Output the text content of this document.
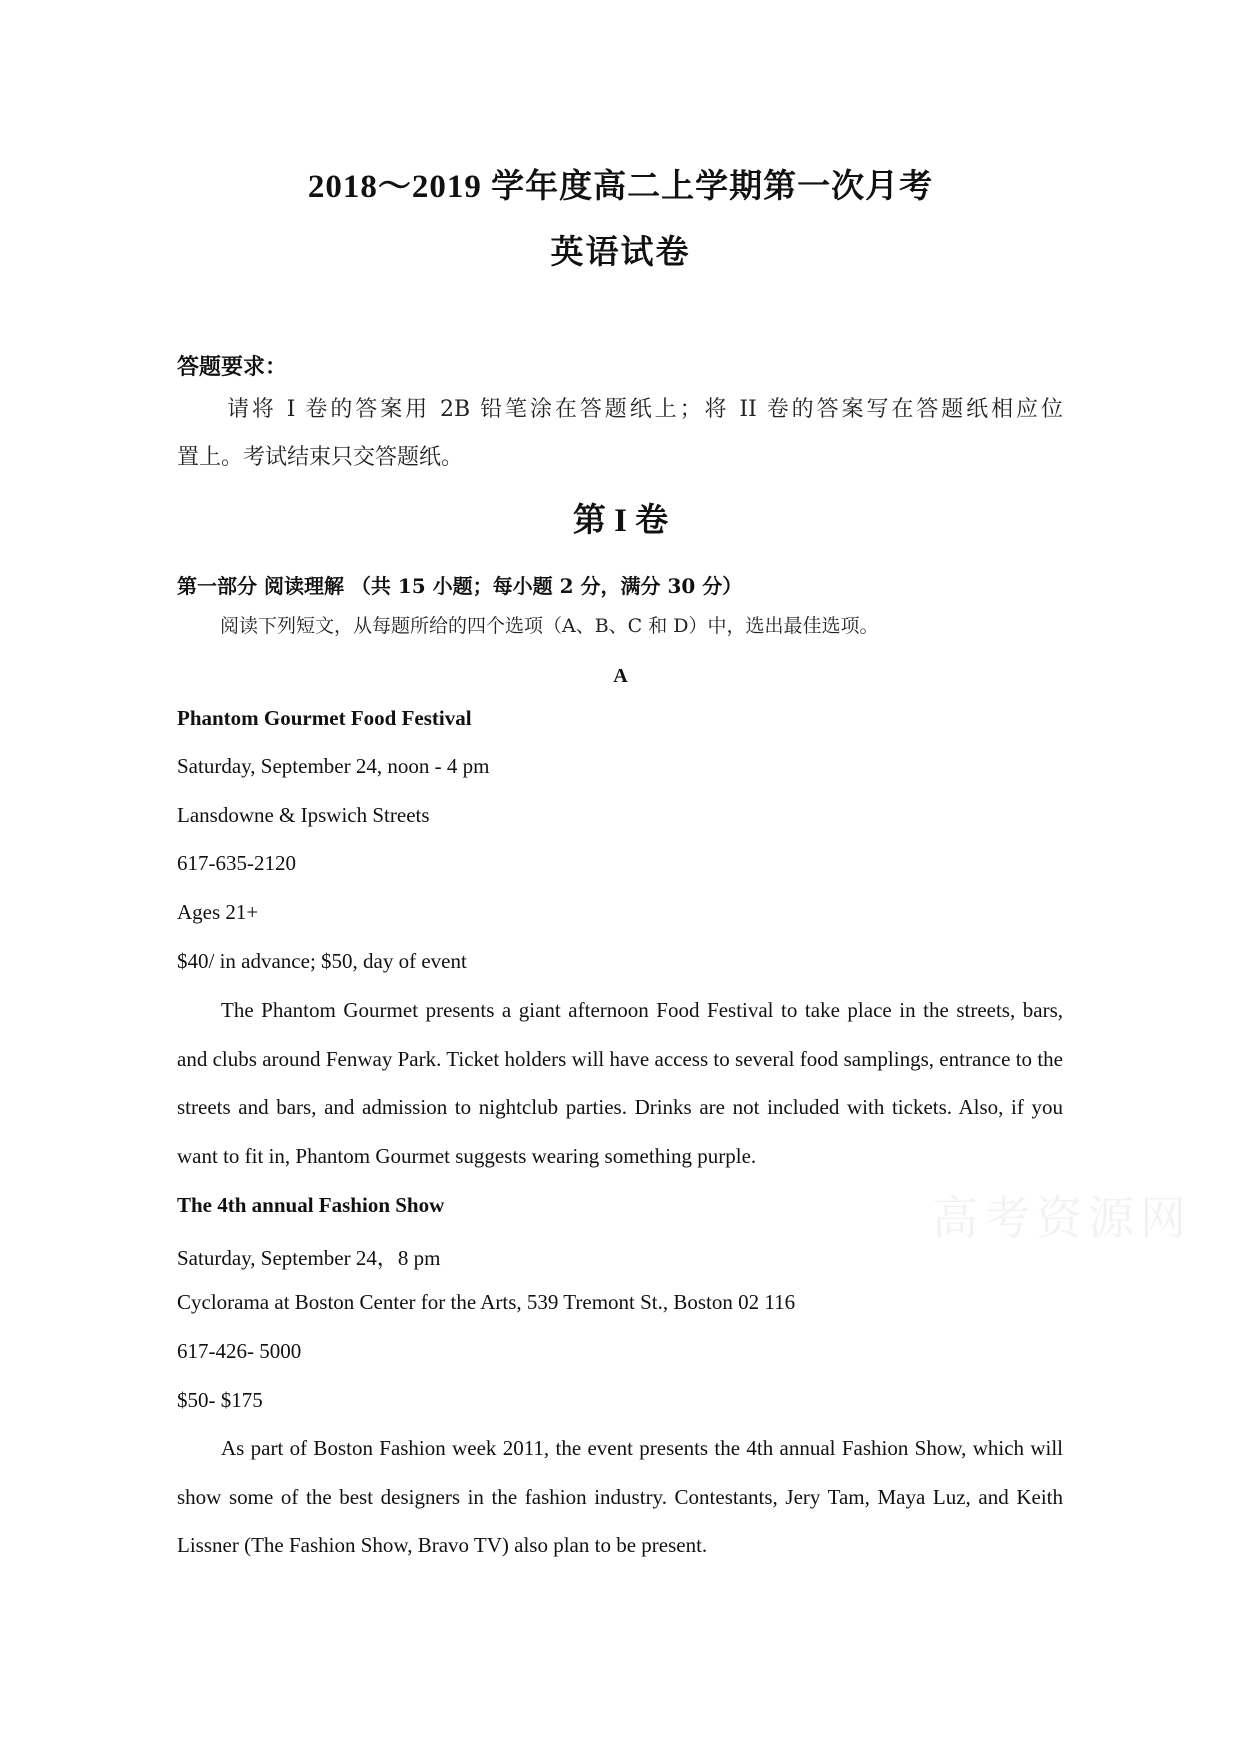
2018～2019 学年度高二上学期第一次月考
英语试卷
答题要求：
请将 I 卷的答案用 2B 铅笔涂在答题纸上；将 II 卷的答案写在答题纸相应位
置上。考试结束只交答题纸。
第 I 卷
第一部分 阅读理解 （共 15 小题；每小题 2 分，满分 30 分）
阅读下列短文，从每题所给的四个选项（A、B、C 和 D）中，选出最佳选项。
A
Phantom Gourmet Food Festival
Saturday, September 24, noon - 4 pm
Lansdowne & Ipswich Streets
617-635-2120
Ages 21+
$40/ in advance; $50, day of event
The Phantom Gourmet presents a giant afternoon Food Festival to take place in the streets, bars, and clubs around Fenway Park. Ticket holders will have access to several food samplings, entrance to the streets and bars, and admission to nightclub parties. Drinks are not included with tickets. Also, if you want to fit in, Phantom Gourmet suggests wearing something purple.
The 4th annual Fashion Show
Saturday, September 24，8 pm
Cyclorama at Boston Center for the Arts, 539 Tremont St., Boston 02 116
617-426- 5000
$50- $175
As part of Boston Fashion week 2011, the event presents the 4th annual Fashion Show, which will show some of the best designers in the fashion industry. Contestants, Jery Tam, Maya Luz, and Keith Lissner (The Fashion Show, Bravo TV) also plan to be present.
高考资源网
